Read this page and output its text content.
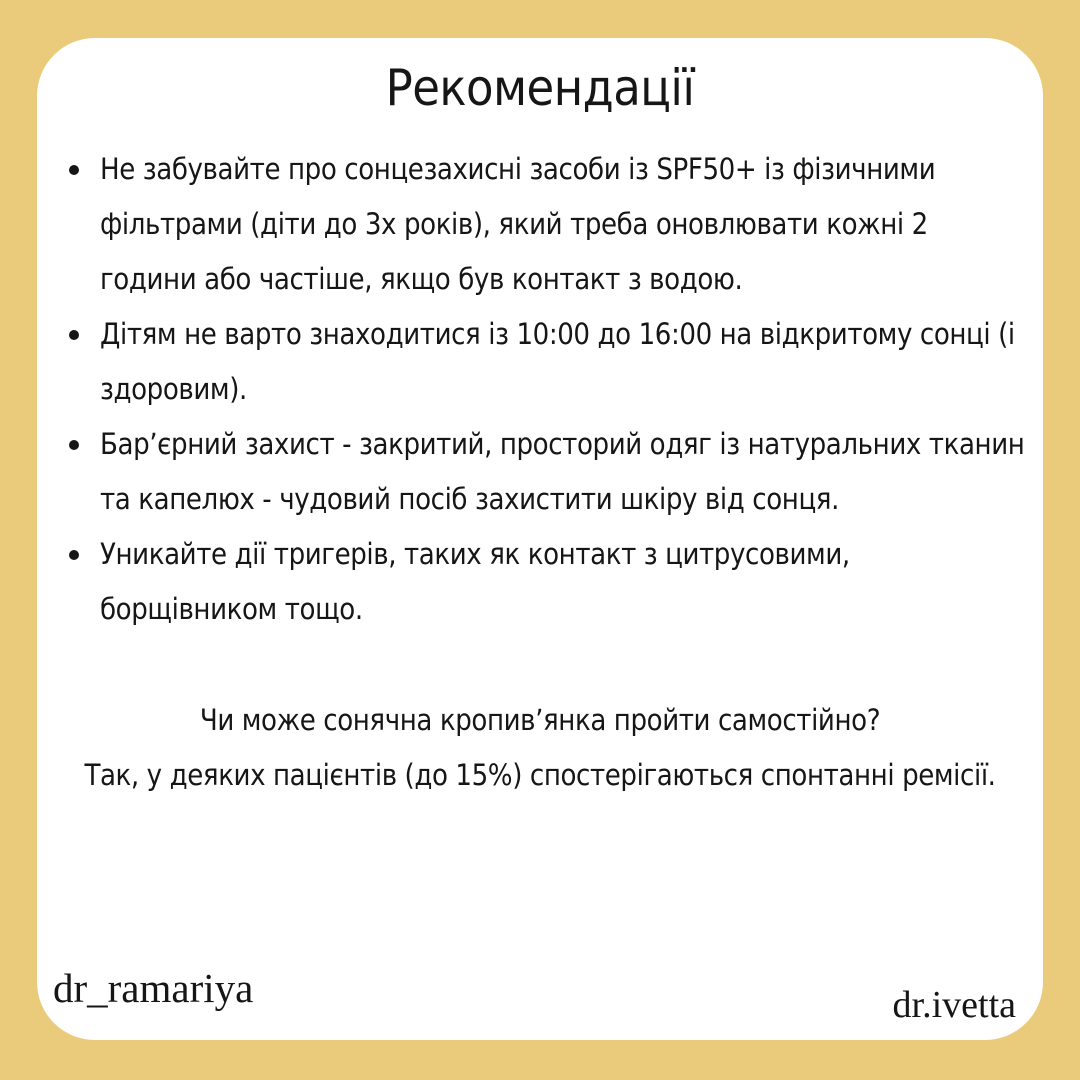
Рекомендації
Не забувайте про сонцезахисні засоби із SPF50+ із фізичними фільтрами (діти до 3х років), який треба оновлювати кожні 2 години або частіше, якщо був контакт з водою.
Дітям не варто знаходитися із 10:00 до 16:00 на відкритому сонці (і здоровим).
Бар’єрний захист - закритий, просторий одяг із натуральних тканин та капелюх - чудовий посіб захистити шкіру від сонця.
Уникайте дії тригерів, таких як контакт з цитрусовими, борщівником тощо.
Чи може сонячна кропив’янка пройти самостійно?
Так, у деяких пацієнтів (до 15%) спостерігаються спонтанні ремісії.
dr_ramariya	dr.ivetta
